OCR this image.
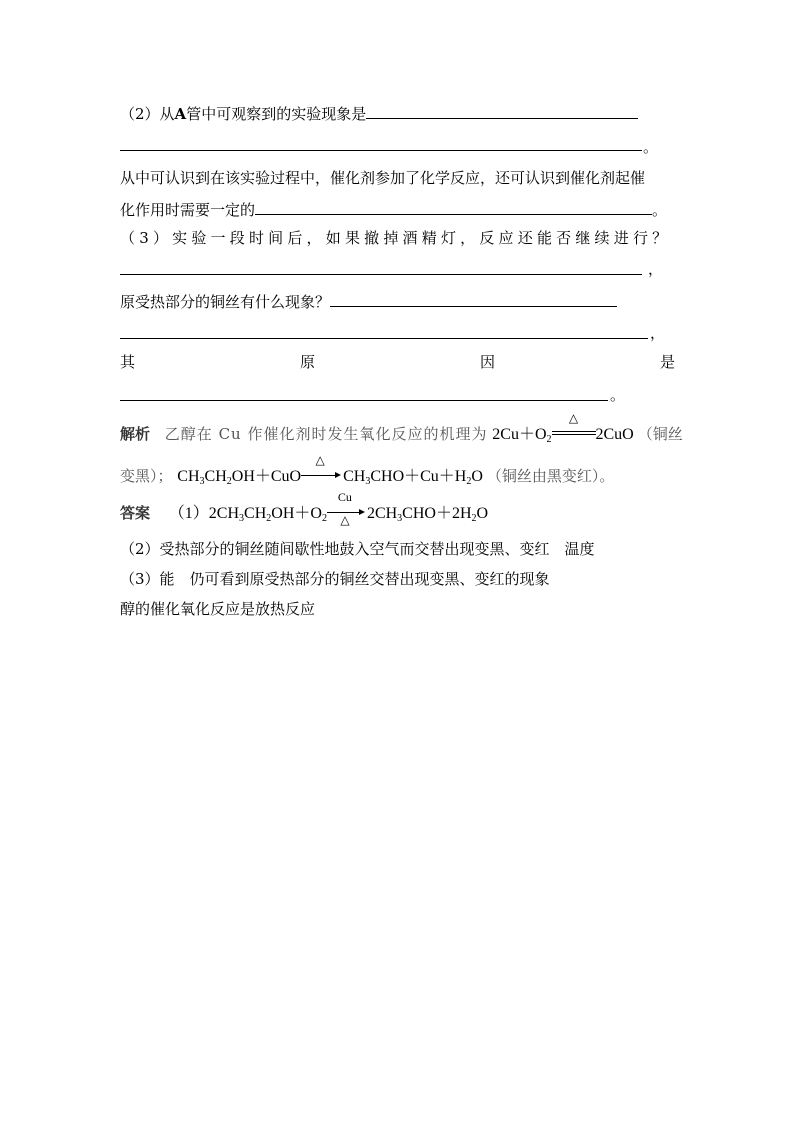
（2）从A管中可观察到的实验现象是
。
从中可认识到在该实验过程中，催化剂参加了化学反应，还可认识到催化剂起催
化作用时需要一定的	。
（3）实验一段时间后，如果撤掉酒精灯，反应还能否继续进行？
，
原受热部分的铜丝有什么现象？
，
其	原	因	是
。
解析 乙醇在 Cu 作催化剂时发生氧化反应的机理为 $2Cu+O_2$
△
2CuO （铜丝
变黑）； $CH_3CH_2OH+CuO$
△
$CH_3CHO+Cu+H_2O$ （铜丝由黑变红）。
答案 $(1)2CH_3CH_2OH+O_2$
Cu
△	$2CH_3CHO+2H_2O$
（2）受热部分的铜丝随间歇性地鼓入空气而交替出现变黑、变红　温度
（3）能　仍可看到原受热部分的铜丝交替出现变黑、变红的现象
醇的催化氧化反应是放热反应
